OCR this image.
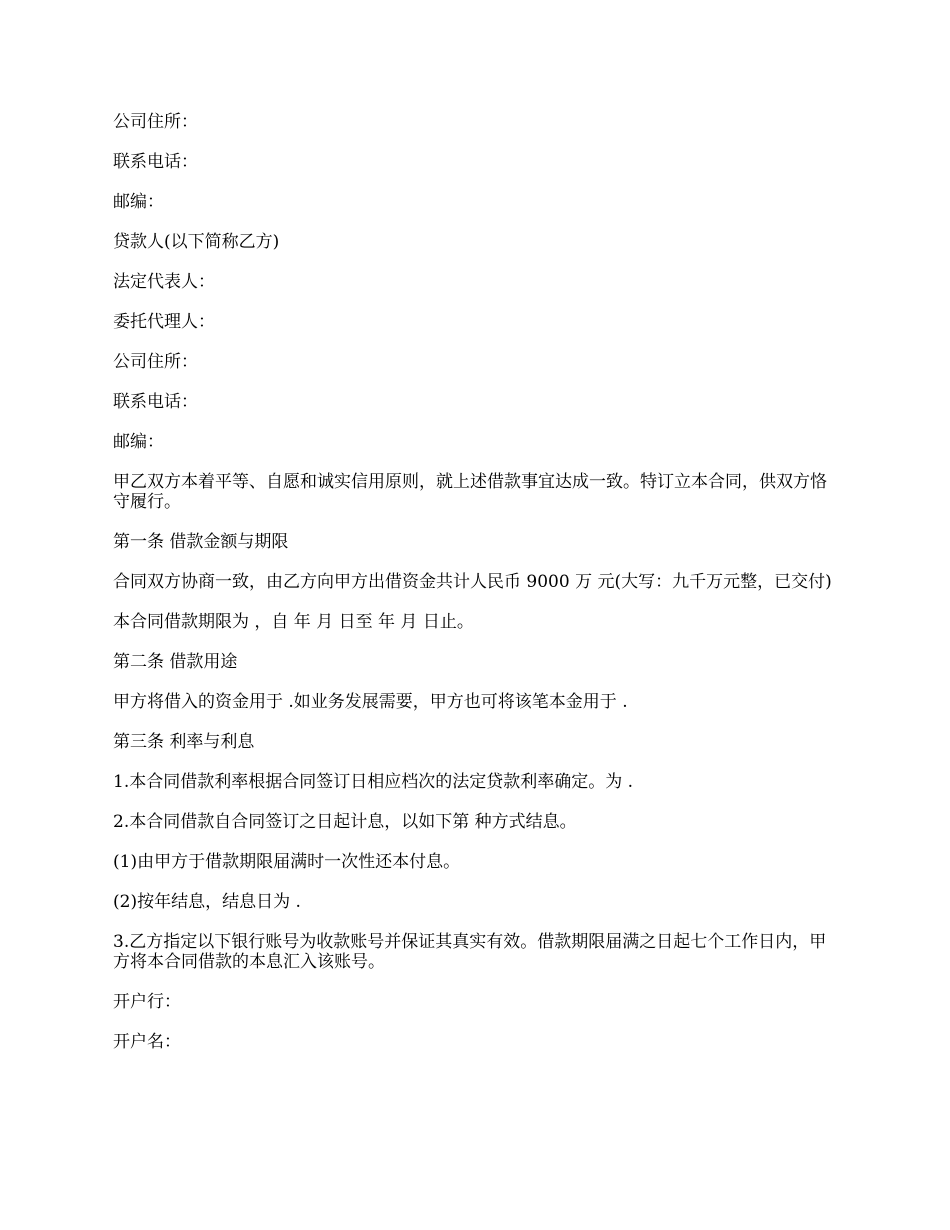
公司住所：

联系电话：

邮编：

贷款人(以下简称乙方)

法定代表人：

委托代理人：

公司住所：

联系电话：

邮编：

甲乙双方本着平等、自愿和诚实信用原则，就上述借款事宜达成一致。特订立本合同，供双方恪守履行。

第一条 借款金额与期限

合同双方协商一致，由乙方向甲方出借资金共计人民币 9000 万 元(大写：九千万元整，已交付)

本合同借款期限为 ，自 年 月 日至 年 月 日止。

第二条 借款用途

甲方将借入的资金用于 .如业务发展需要，甲方也可将该笔本金用于 .

第三条 利率与利息

1.本合同借款利率根据合同签订日相应档次的法定贷款利率确定。为 .

2.本合同借款自合同签订之日起计息，以如下第 种方式结息。

(1)由甲方于借款期限届满时一次性还本付息。

(2)按年结息，结息日为 .

3.乙方指定以下银行账号为收款账号并保证其真实有效。借款期限届满之日起七个工作日内，甲方将本合同借款的本息汇入该账号。

开户行：

开户名：
